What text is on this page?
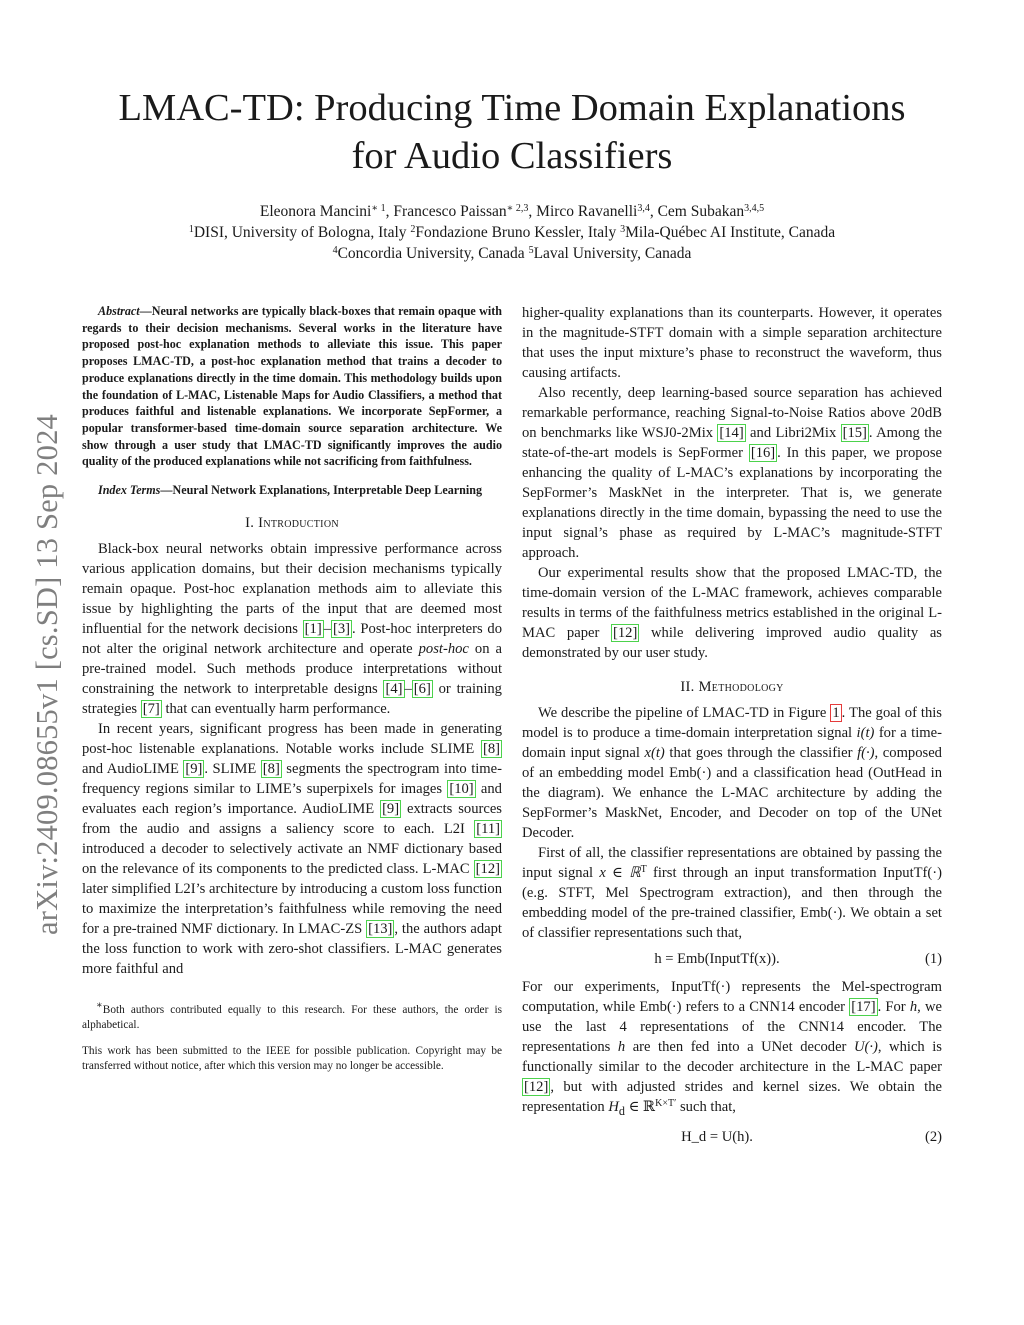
LMAC-TD: Producing Time Domain Explanations
for Audio Classifiers
Eleonora Mancini$^{∗ 1}$, Francesco Paissan$^{∗ 2,3}$, Mirco Ravanelli$^{3,4}$, Cem Subakan$^{3,4,5}$
$^1$DISI, University of Bologna, Italy $^2$Fondazione Bruno Kessler, Italy $^3$Mila-Québec AI Institute, Canada
$^4$Concordia University, Canada $^5$Laval University, Canada
arXiv:2409.08655v1 [cs.SD] 13 Sep 2024

Abstract—Neural networks are typically black-boxes that remain opaque with regards to their decision mechanisms. Several works in the literature have proposed post-hoc explanation methods to alleviate this issue. This paper proposes LMAC-TD, a post-hoc explanation method that trains a decoder to produce explanations directly in the time domain. This methodology builds upon the foundation of L-MAC, Listenable Maps for Audio Classifiers, a method that produces faithful and listenable explanations. We incorporate SepFormer, a popular transformer-based time-domain source separation architecture. We show through a user study that LMAC-TD significantly improves the audio quality of the produced explanations while not sacrificing from faithfulness.

Index Terms—Neural Network Explanations, Interpretable Deep Learning

I. Introduction

Black-box neural networks obtain impressive performance across various application domains, but their decision mechanisms typically remain opaque. Post-hoc explanation methods aim to alleviate this issue by highlighting the parts of the input that are deemed most influential for the network decisions [1] – [3] . Post-hoc interpreters do not alter the original network architecture and operate post-hoc on a pre-trained model. Such methods produce interpretations without constraining the network to interpretable designs [4] – [6] or training strategies [7] that can eventually harm performance.

In recent years, significant progress has been made in generating post-hoc listenable explanations. Notable works include SLIME [8] and AudioLIME [9] . SLIME [8] segments the spectrogram into time-frequency regions similar to LIME’s superpixels for images [10] and evaluates each region’s importance. AudioLIME [9] extracts sources from the audio and assigns a saliency score to each. L2I [11] introduced a decoder to selectively activate an NMF dictionary based on the relevance of its components to the predicted class. L-MAC [12] later simplified L2I’s architecture by introducing a custom loss function to maximize the interpretation’s faithfulness while removing the need for a pre-trained NMF dictionary. In LMAC-ZS [13] , the authors adapt the loss function to work with zero-shot classifiers. L-MAC generates more faithful and

∗Both authors contributed equally to this research. For these authors, the order is alphabetical.

This work has been submitted to the IEEE for possible publication. Copyright may be transferred without notice, after which this version may no longer be accessible.

higher-quality explanations than its counterparts. However, it operates in the magnitude-STFT domain with a simple separation architecture that uses the input mixture’s phase to reconstruct the waveform, thus causing artifacts.

Also recently, deep learning-based source separation has achieved remarkable performance, reaching Signal-to-Noise Ratios above 20dB on benchmarks like WSJ0-2Mix [14] and Libri2Mix [15] . Among the state-of-the-art models is SepFormer [16] . In this paper, we propose enhancing the quality of L-MAC’s explanations by incorporating the SepFormer’s MaskNet in the interpreter. That is, we generate explanations directly in the time domain, bypassing the need to use the input signal’s phase as required by L-MAC’s magnitude-STFT approach.

Our experimental results show that the proposed LMAC-TD, the time-domain version of the L-MAC framework, achieves comparable results in terms of the faithfulness metrics established in the original L-MAC paper [12] while delivering improved audio quality as demonstrated by our user study.

II. Methodology

We describe the pipeline of LMAC-TD in Figure 1 . The goal of this model is to produce a time-domain interpretation signal i(t) for a time-domain input signal x(t) that goes through the classifier f(·), composed of an embedding model Emb(·) and a classification head (OutHead in the diagram). We enhance the L-MAC architecture by adding the SepFormer’s MaskNet, Encoder, and Decoder on top of the UNet Decoder.

First of all, the classifier representations are obtained by passing the input signal x ∈ ℝ$^T$ first through an input transformation InputTf(·) (e.g. STFT, Mel Spectrogram extraction), and then through the embedding model of the pre-trained classifier, Emb(·). We obtain a set of classifier representations such that,

h = Emb(InputTf(x)).	(1)

For our experiments, InputTf(·) represents the Mel-spectrogram computation, while Emb(·) refers to a CNN14 encoder [17] . For h, we use the last 4 representations of the CNN14 encoder. The representations h are then fed into a UNet decoder U(·), which is functionally similar to the decoder architecture in the L-MAC paper [12] , but with adjusted strides and kernel sizes. We obtain the representation $H_d$ ∈ ℝ$^{K\times T'}$ such that,

H_d = U(h).	(2)
